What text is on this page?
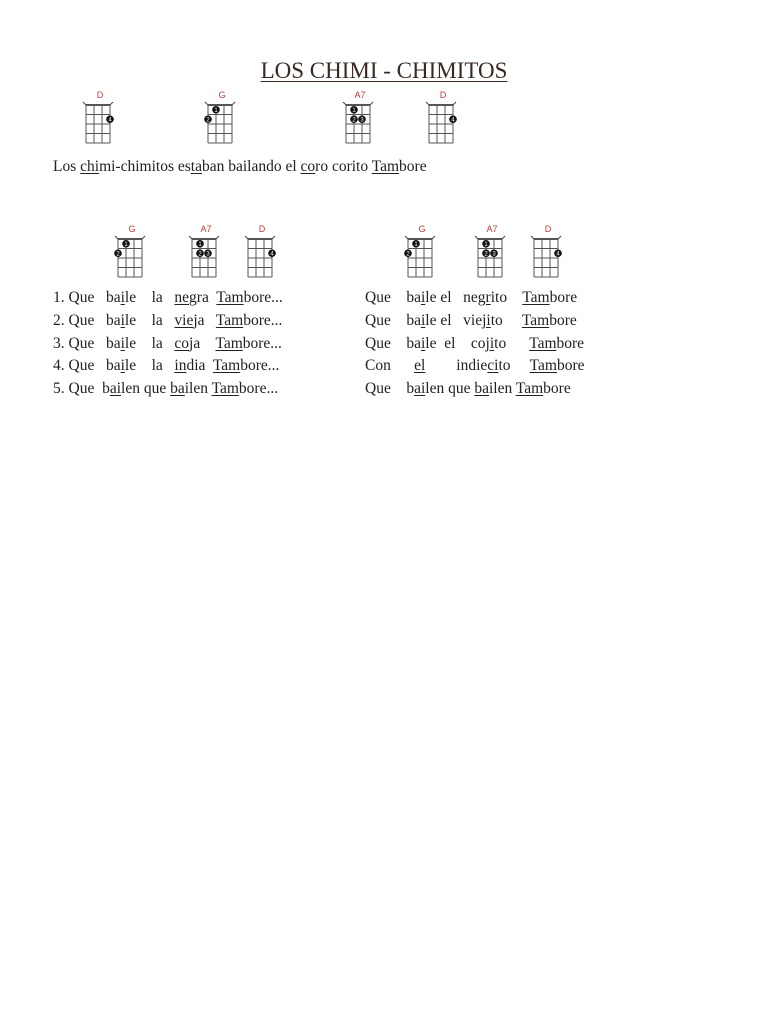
LOS CHIMI - CHIMITOS
D
4
G
1
2
A7
1
2 3
D
4
Los chimi-chimitos estaban bailando el coro corito Tambore
G
1
2
A7
1
2 3
D
4
G
1
2
A7
1
2 3
D
4
1. Que   baile    la   negra  Tambore...
2. Que   baile    la   vieja   Tambore...
3. Que   baile    la   coja    Tambore...
4. Que   baile    la   india  Tambore...
5. Que  bailen que bailen Tambore...
Que    baile el   negrito    Tambore
Que    baile el   viejito     Tambore
Que    baile  el    cojito      Tambore
Con      el        indiecito     Tambore
Que    bailen que bailen Tambore
